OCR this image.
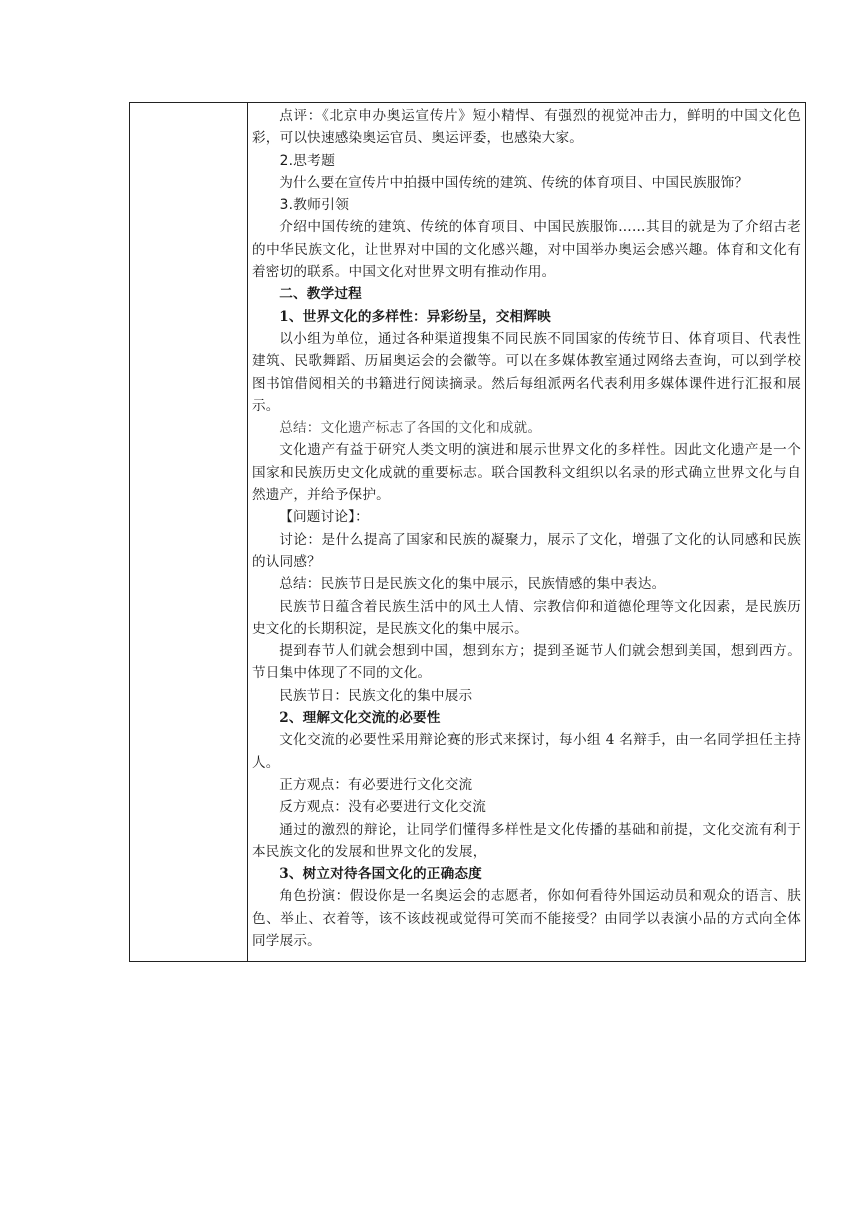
点评：《北京申办奥运宣传片》短小精悍、有强烈的视觉冲击力，鲜明的中国文化色彩，可以快速感染奥运官员、奥运评委，也感染大家。

2.思考题

为什么要在宣传片中拍摄中国传统的建筑、传统的体育项目、中国民族服饰？

3.教师引领

介绍中国传统的建筑、传统的体育项目、中国民族服饰……其目的就是为了介绍古老的中华民族文化，让世界对中国的文化感兴趣，对中国举办奥运会感兴趣。体育和文化有着密切的联系。中国文化对世界文明有推动作用。

二、教学过程

1、世界文化的多样性：异彩纷呈，交相辉映

以小组为单位，通过各种渠道搜集不同民族不同国家的传统节日、体育项目、代表性建筑、民歌舞蹈、历届奥运会的会徽等。可以在多媒体教室通过网络去查询，可以到学校图书馆借阅相关的书籍进行阅读摘录。然后每组派两名代表利用多媒体课件进行汇报和展示。

总结：文化遗产标志了各国的文化和成就。

文化遗产有益于研究人类文明的演进和展示世界文化的多样性。因此文化遗产是一个国家和民族历史文化成就的重要标志。联合国教科文组织以名录的形式确立世界文化与自然遗产，并给予保护。

【问题讨论】：

讨论：是什么提高了国家和民族的凝聚力，展示了文化，增强了文化的认同感和民族的认同感？

总结：民族节日是民族文化的集中展示，民族情感的集中表达。

民族节日蕴含着民族生活中的风土人情、宗教信仰和道德伦理等文化因素，是民族历史文化的长期积淀，是民族文化的集中展示。

提到春节人们就会想到中国，想到东方；提到圣诞节人们就会想到美国，想到西方。节日集中体现了不同的文化。

民族节日：民族文化的集中展示

2、理解文化交流的必要性

文化交流的必要性采用辩论赛的形式来探讨，每小组 4 名辩手，由一名同学担任主持人。

正方观点：有必要进行文化交流

反方观点：没有必要进行文化交流

通过的激烈的辩论，让同学们懂得多样性是文化传播的基础和前提，文化交流有利于本民族文化的发展和世界文化的发展，

3、树立对待各国文化的正确态度

角色扮演：假设你是一名奥运会的志愿者，你如何看待外国运动员和观众的语言、肤色、举止、衣着等，该不该歧视或觉得可笑而不能接受？由同学以表演小品的方式向全体同学展示。
